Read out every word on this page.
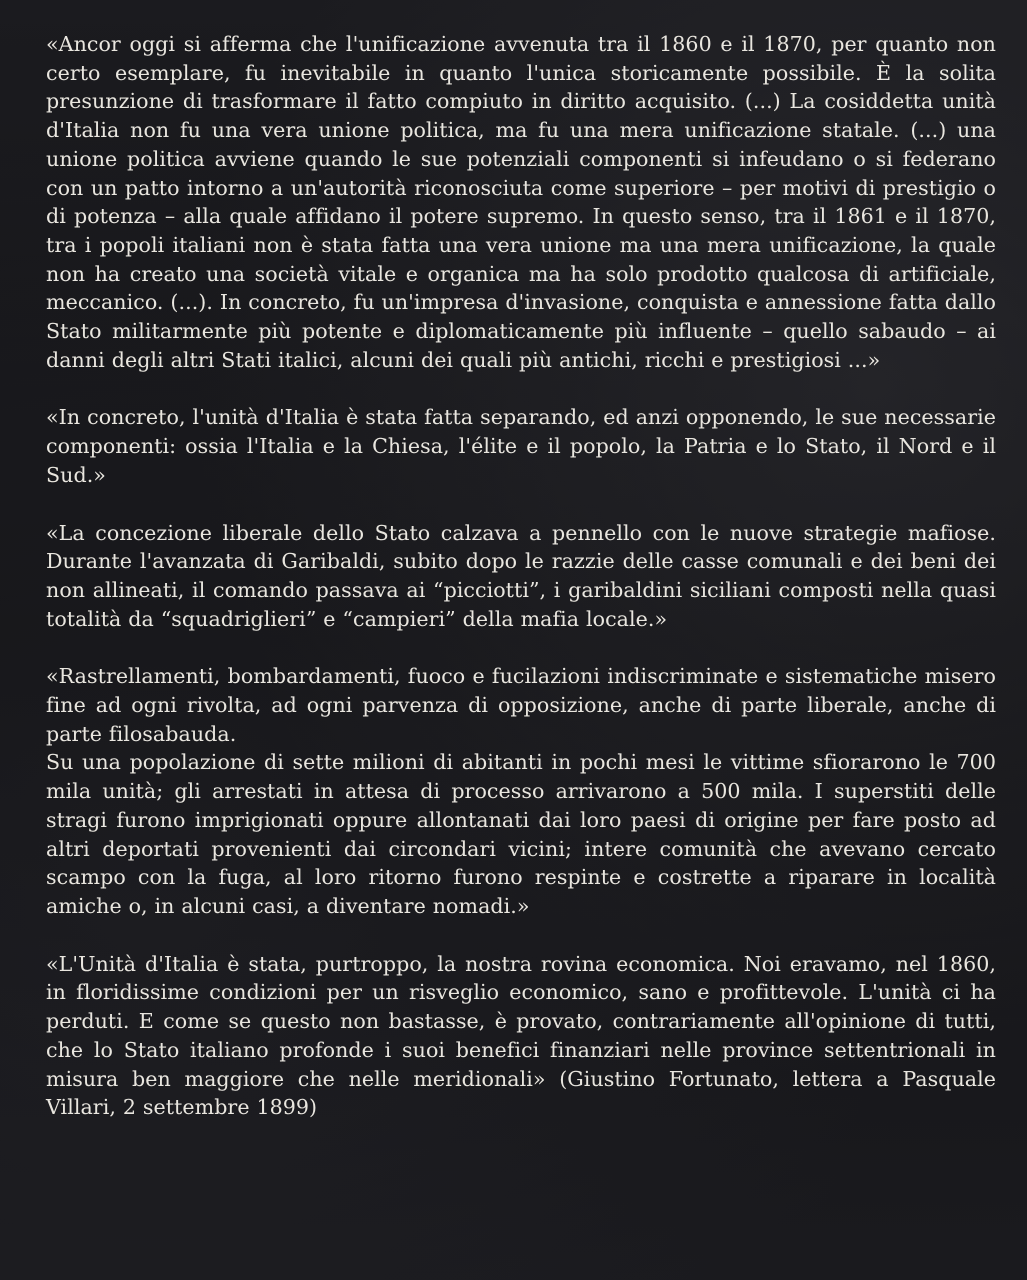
«Ancor oggi si afferma che l'unificazione avvenuta tra il 1860 e il 1870, per quanto non certo esemplare, fu inevitabile in quanto l'unica storicamente possibile. È la solita presunzione di trasformare il fatto compiuto in diritto acquisito. (...) La cosiddetta unità d'Italia non fu una vera unione politica, ma fu una mera unificazione statale. (...) una unione politica avviene quando le sue potenziali componenti si infeudano o si federano con un patto intorno a un'autorità riconosciuta come superiore – per motivi di prestigio o di potenza – alla quale affidano il potere supremo. In questo senso, tra il 1861 e il 1870, tra i popoli italiani non è stata fatta una vera unione ma una mera unificazione, la quale non ha creato una società vitale e organica ma ha solo prodotto qualcosa di artificiale, meccanico. (...). In concreto, fu un'impresa d'invasione, conquista e annessione fatta dallo Stato militarmente più potente e diplomaticamente più influente – quello sabaudo – ai danni degli altri Stati italici, alcuni dei quali più antichi, ricchi e prestigiosi ...»

«In concreto, l'unità d'Italia è stata fatta separando, ed anzi opponendo, le sue necessarie componenti: ossia l'Italia e la Chiesa, l'élite e il popolo, la Patria e lo Stato, il Nord e il Sud.»

«La concezione liberale dello Stato calzava a pennello con le nuove strategie mafiose. Durante l'avanzata di Garibaldi, subito dopo le razzie delle casse comunali e dei beni dei non allineati, il comando passava ai “picciotti”, i garibaldini siciliani composti nella quasi totalità da “squadriglieri” e “campieri” della mafia locale.»

«Rastrellamenti, bombardamenti, fuoco e fucilazioni indiscriminate e sistematiche misero fine ad ogni rivolta, ad ogni parvenza di opposizione, anche di parte liberale, anche di parte filosabauda.

Su una popolazione di sette milioni di abitanti in pochi mesi le vittime sfiorarono le 700 mila unità; gli arrestati in attesa di processo arrivarono a 500 mila. I superstiti delle stragi furono imprigionati oppure allontanati dai loro paesi di origine per fare posto ad altri deportati provenienti dai circondari vicini; intere comunità che avevano cercato scampo con la fuga, al loro ritorno furono respinte e costrette a riparare in località amiche o, in alcuni casi, a diventare nomadi.»

«L'Unità d'Italia è stata, purtroppo, la nostra rovina economica. Noi eravamo, nel 1860, in floridissime condizioni per un risveglio economico, sano e profittevole. L'unità ci ha perduti. E come se questo non bastasse, è provato, contrariamente all'opinione di tutti, che lo Stato italiano profonde i suoi benefici finanziari nelle province settentrionali in misura ben maggiore che nelle meridionali» (Giustino Fortunato, lettera a Pasquale Villari, 2 settembre 1899)
